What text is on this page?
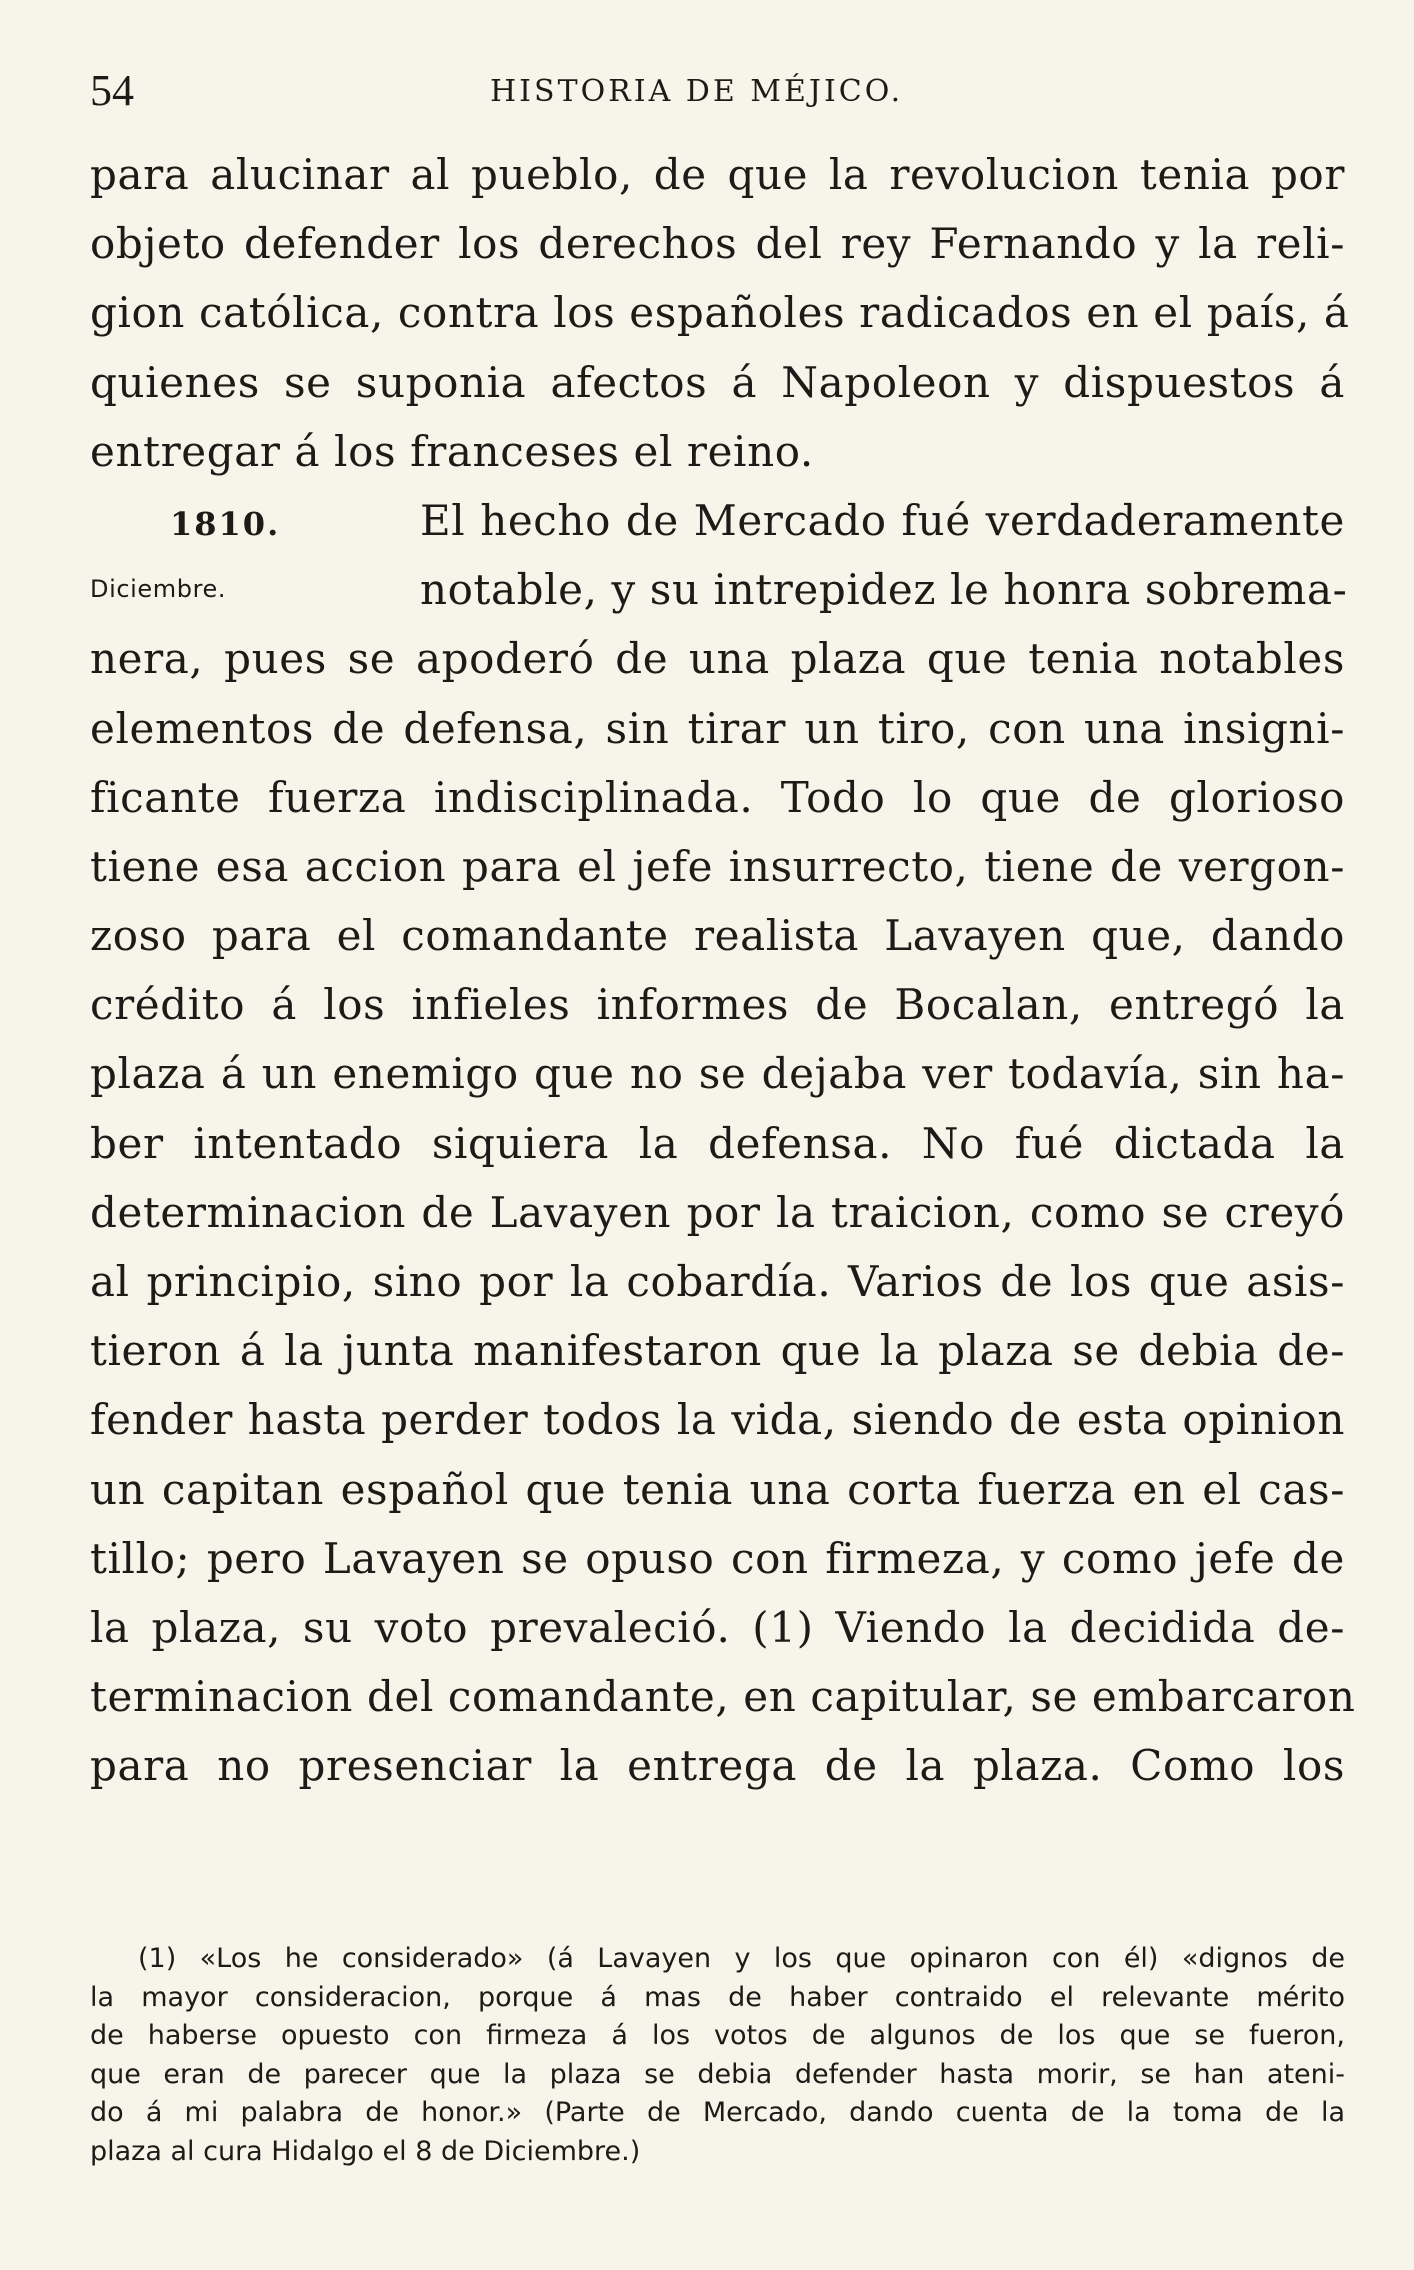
54	HISTORIA DE MÉJICO.
para alucinar al pueblo, de que la revolucion tenia por
objeto defender los derechos del rey Fernando y la reli-
gion católica, contra los españoles radicados en el país, á
quienes se suponia afectos á Napoleon y dispuestos á
entregar á los franceses el reino.
1810.	El hecho de Mercado fué verdaderamente
Diciembre.	notable, y su intrepidez le honra sobrema-
nera, pues se apoderó de una plaza que tenia notables
elementos de defensa, sin tirar un tiro, con una insigni-
ficante fuerza indisciplinada. Todo lo que de glorioso
tiene esa accion para el jefe insurrecto, tiene de vergon-
zoso para el comandante realista Lavayen que, dando
crédito á los infieles informes de Bocalan, entregó la
plaza á un enemigo que no se dejaba ver todavía, sin ha-
ber intentado siquiera la defensa. No fué dictada la
determinacion de Lavayen por la traicion, como se creyó
al principio, sino por la cobardía. Varios de los que asis-
tieron á la junta manifestaron que la plaza se debia de-
fender hasta perder todos la vida, siendo de esta opinion
un capitan español que tenia una corta fuerza en el cas-
tillo; pero Lavayen se opuso con firmeza, y como jefe de
la plaza, su voto prevaleció. (1) Viendo la decidida de-
terminacion del comandante, en capitular, se embarcaron
para no presenciar la entrega de la plaza. Como los
(1) «Los he considerado» (á Lavayen y los que opinaron con él) «dignos de
la mayor consideracion, porque á mas de haber contraido el relevante mérito
de haberse opuesto con firmeza á los votos de algunos de los que se fueron,
que eran de parecer que la plaza se debia defender hasta morir, se han ateni-
do á mi palabra de honor.» (Parte de Mercado, dando cuenta de la toma de la
plaza al cura Hidalgo el 8 de Diciembre.)
